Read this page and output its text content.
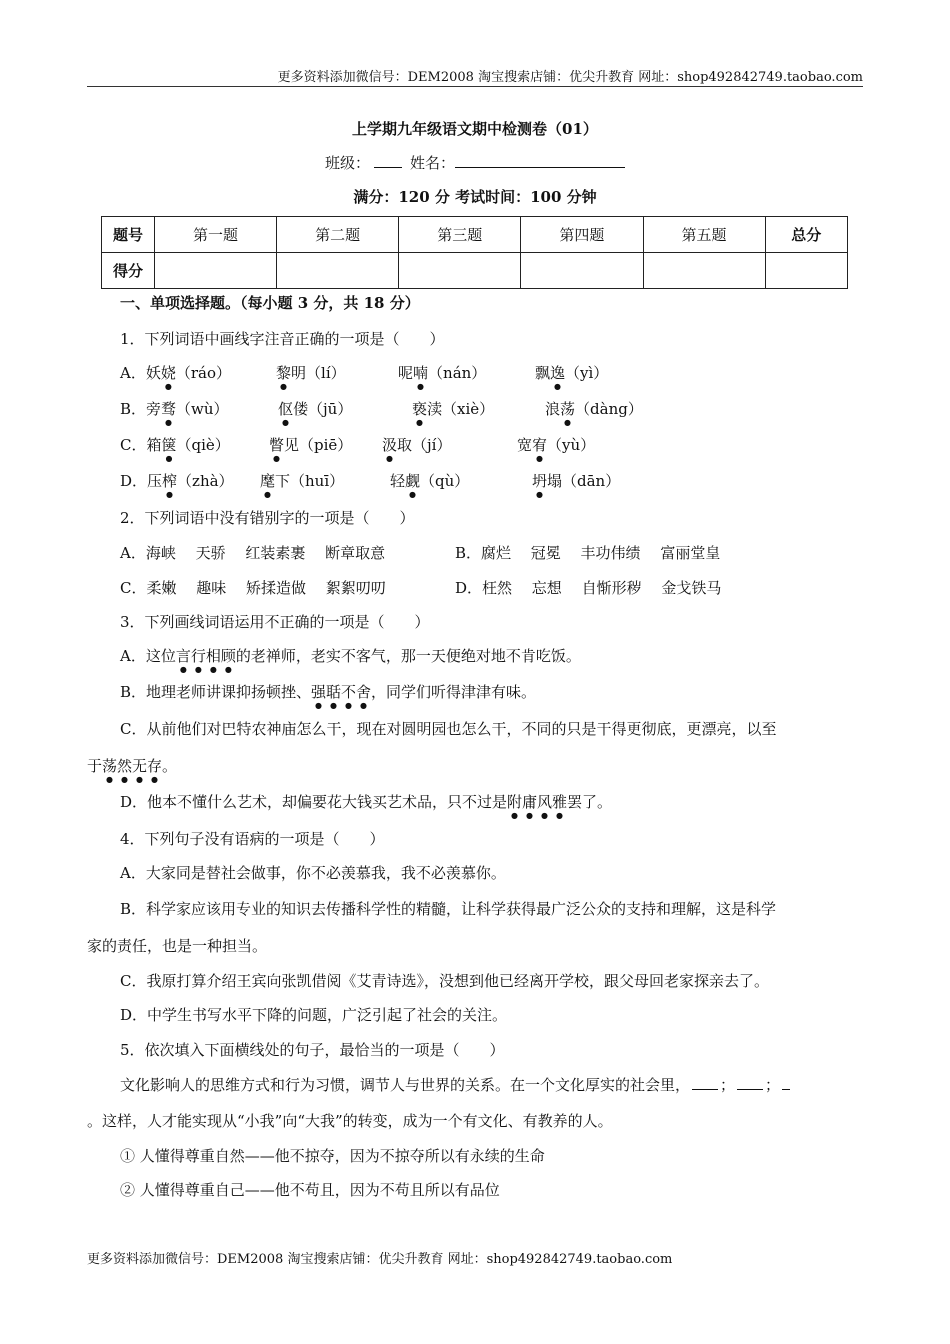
更多资料添加微信号：DEM2008 淘宝搜索店铺：优尖升教育 网址：shop492842749.taobao.com
上学期九年级语文期中检测卷（01）
班级：	姓名：
满分：120 分 考试时间：100 分钟
题号	第一题	第二题	第三题	第四题	第五题	总分
得分						
一、单项选择题。（每小题 3 分，共 18 分）
1．下列词语中画线字注音正确的一项是（　　）
A．妖娆（ráo）	黎明（lí）	呢喃（nán）	飘逸（yì）
B．旁骛（wù）	伛偻（jū）	亵渎（xiè）	浪荡（dàng）
C．箱箧（qiè）	瞥见（piē） 汲取（jí）	宽宥（yù）
D．压榨（zhà） 麾下（huī）	轻觑（qù）	坍塌（dān）
2．下列词语中没有错别字的一项是（　　）
A．海峡　 天骄　 红装素裹　 断章取意	B．腐烂　 冠冕　 丰功伟绩　 富丽堂皇
C．柔嫩　 趣味　 矫揉造做　 絮絮叨叨	D．枉然　 忘想　 自惭形秽　 金戈铁马
3．下列画线词语运用不正确的一项是（　　）
A．这位言行相顾的老禅师，老实不客气，那一天便绝对地不肯吃饭。
B．地理老师讲课抑扬顿挫、强聒不舍，同学们听得津津有味。
C．从前他们对巴特农神庙怎么干，现在对圆明园也怎么干，不同的只是干得更彻底，更漂亮，以至
于荡然无存。
D．他本不懂什么艺术，却偏要花大钱买艺术品，只不过是附庸风雅罢了。
4．下列句子没有语病的一项是（　　）
A．大家同是替社会做事，你不必羡慕我，我不必羡慕你。
B．科学家应该用专业的知识去传播科学性的精髓，让科学获得最广泛公众的支持和理解，这是科学
家的责任，也是一种担当。
C．我原打算介绍王宾向张凯借阅《艾青诗选》，没想到他已经离开学校，跟父母回老家探亲去了。
D．中学生书写水平下降的问题，广泛引起了社会的关注。
5．依次填入下面横线处的句子，最恰当的一项是（　　）
文化影响人的思维方式和行为习惯，调节人与世界的关系。在一个文化厚实的社会里， ； ；
。这样，人才能实现从“小我”向“大我”的转变，成为一个有文化、有教养的人。
① 人懂得尊重自然——他不掠夺，因为不掠夺所以有永续的生命
② 人懂得尊重自己——他不苟且，因为不苟且所以有品位
更多资料添加微信号：DEM2008 淘宝搜索店铺：优尖升教育 网址：shop492842749.taobao.com
